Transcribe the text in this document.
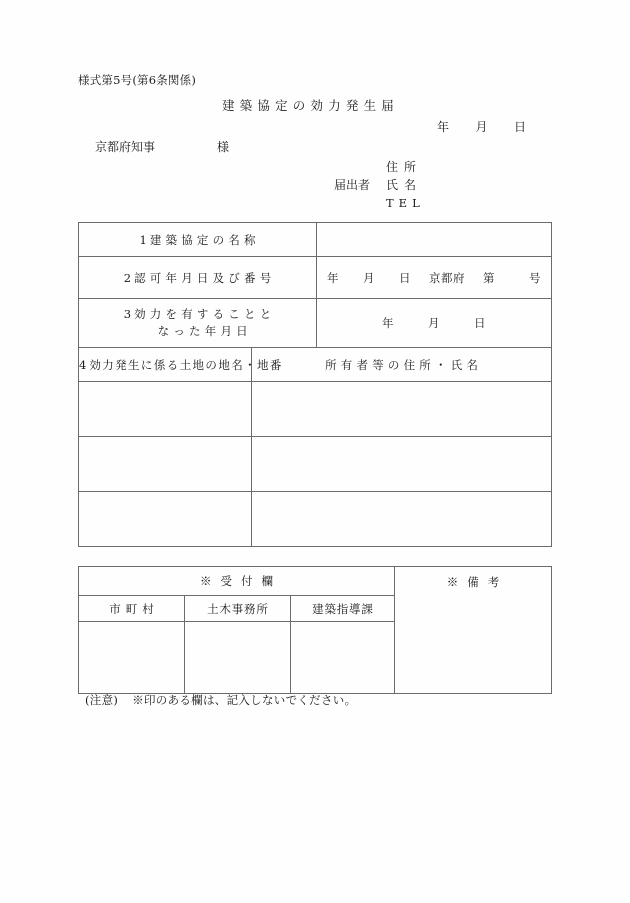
様式第5号(第6条関係)
建築協定の効力発生届
年 月 日
京都府知事	様
住所
届出者	氏名
TEL
1 建築協定の名称		

2 認可年月日及び番号		年 月 日 京都府 第 号

3 効力を有することと
なった年月日		年 月 日

4 効力発生に係る土地の地名・地番	所有者等の住所・氏名	

※受付欄			※備考
市町村	土木事務所	建築指導課	

(注意) ※印のある欄は、記入しないでください。
